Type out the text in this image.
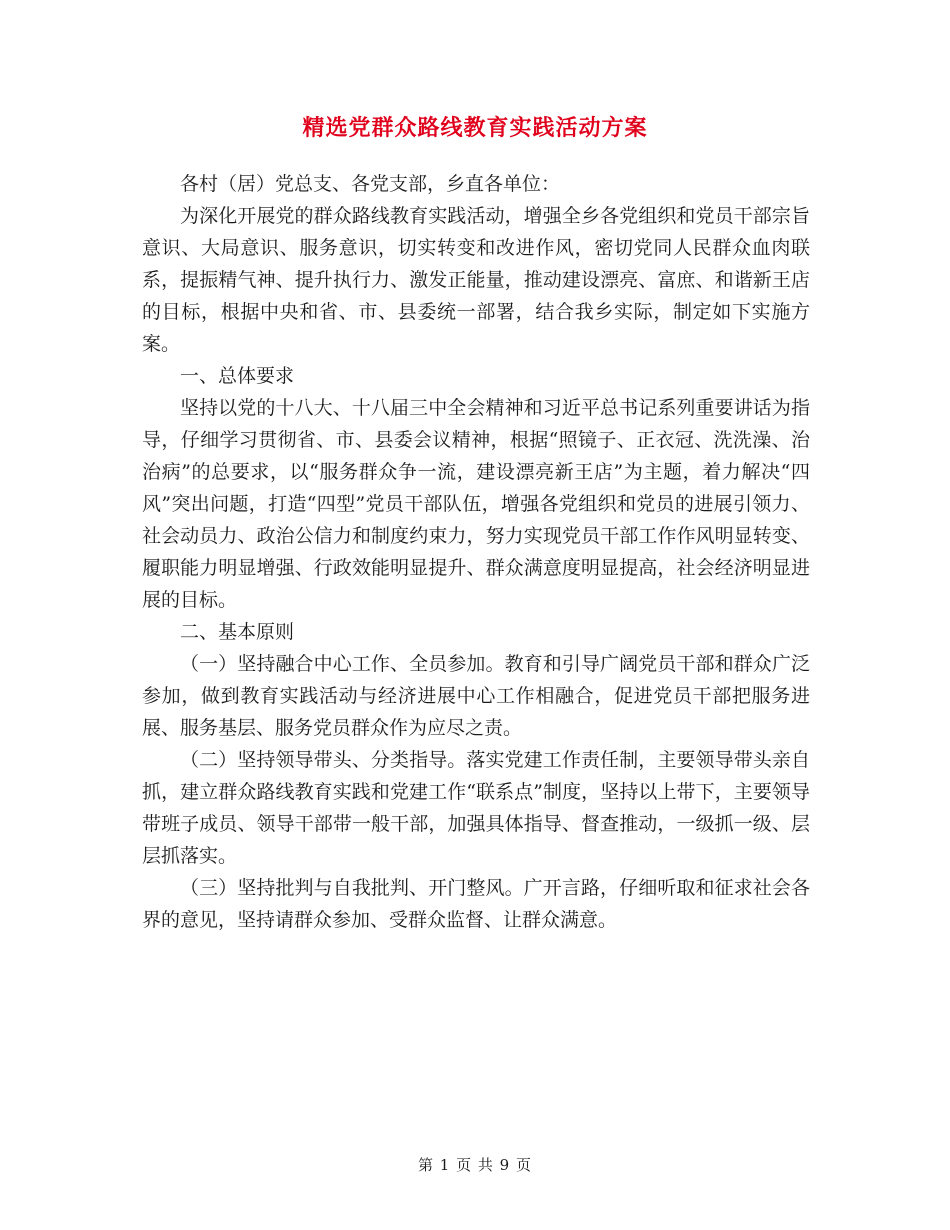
精选党群众路线教育实践活动方案

各村（居）党总支、各党支部，乡直各单位：

为深化开展党的群众路线教育实践活动，增强全乡各党组织和党员干部宗旨意识、大局意识、服务意识，切实转变和改进作风，密切党同人民群众血肉联系，提振精气神、提升执行力、激发正能量，推动建设漂亮、富庶、和谐新王店的目标，根据中央和省、市、县委统一部署，结合我乡实际，制定如下实施方案。

一、总体要求

坚持以党的十八大、十八届三中全会精神和习近平总书记系列重要讲话为指导，仔细学习贯彻省、市、县委会议精神，根据“照镜子、正衣冠、洗洗澡、治治病”的总要求，以“服务群众争一流，建设漂亮新王店”为主题，着力解决“四风”突出问题，打造“四型”党员干部队伍，增强各党组织和党员的进展引领力、社会动员力、政治公信力和制度约束力，努力实现党员干部工作作风明显转变、履职能力明显增强、行政效能明显提升、群众满意度明显提高，社会经济明显进展的目标。

二、基本原则

（一）坚持融合中心工作、全员参加。教育和引导广阔党员干部和群众广泛参加，做到教育实践活动与经济进展中心工作相融合，促进党员干部把服务进展、服务基层、服务党员群众作为应尽之责。

（二）坚持领导带头、分类指导。落实党建工作责任制，主要领导带头亲自抓，建立群众路线教育实践和党建工作“联系点”制度，坚持以上带下，主要领导带班子成员、领导干部带一般干部，加强具体指导、督查推动，一级抓一级、层层抓落实。

（三）坚持批判与自我批判、开门整风。广开言路，仔细听取和征求社会各界的意见，坚持请群众参加、受群众监督、让群众满意。

第 1 页 共 9 页
